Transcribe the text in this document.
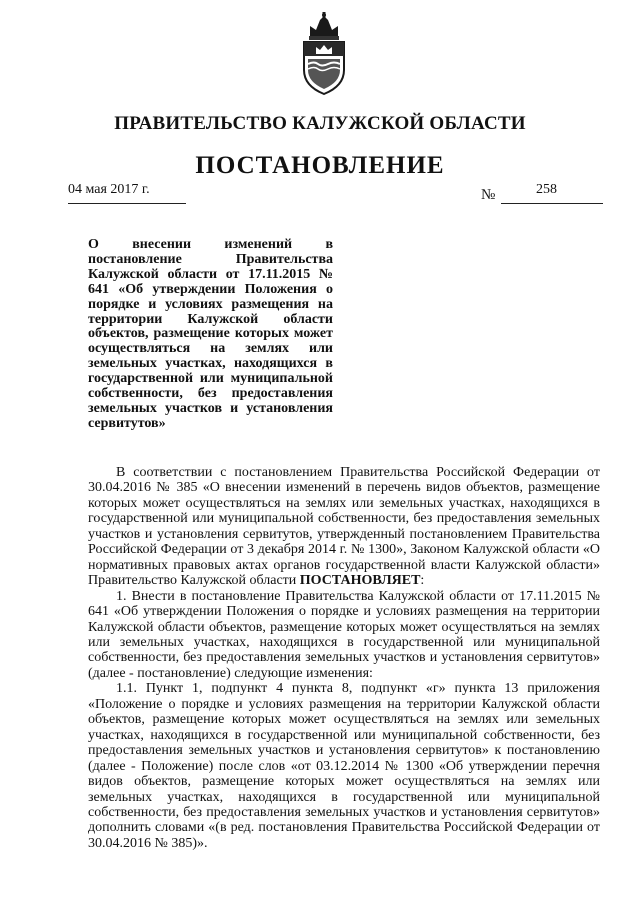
ПРАВИТЕЛЬСТВО КАЛУЖСКОЙ ОБЛАСТИ
ПОСТАНОВЛЕНИЕ
04 мая 2017 г.	№	258
О внесении изменений в постановление Правительства Калужской области от 17.11.2015 № 641 «Об утверждении Положения о порядке и условиях размещения на территории Калужской области объектов, размещение которых может осуществляться на землях или земельных участках, находящихся в государственной или муниципальной собственности, без предоставления земельных участков и установления сервитутов»

В соответствии с постановлением Правительства Российской Федерации от 30.04.2016 № 385 «О внесении изменений в перечень видов объектов, размещение которых может осуществляться на землях или земельных участках, находящихся в государственной или муниципальной собственности, без предоставления земельных участков и установления сервитутов, утвержденный постановлением Правительства Российской Федерации от 3 декабря 2014 г. № 1300», Законом Калужской области «О нормативных правовых актах органов государственной власти Калужской области» Правительство Калужской области ПОСТАНОВЛЯЕТ:

1. Внести в постановление Правительства Калужской области от 17.11.2015 № 641 «Об утверждении Положения о порядке и условиях размещения на территории Калужской области объектов, размещение которых может осуществляться на землях или земельных участках, находящихся в государственной или муниципальной собственности, без предоставления земельных участков и установления сервитутов» (далее - постановление) следующие изменения:

1.1. Пункт 1, подпункт 4 пункта 8, подпункт «г» пункта 13 приложения «Положение о порядке и условиях размещения на территории Калужской области объектов, размещение которых может осуществляться на землях или земельных участках, находящихся в государственной или муниципальной собственности, без предоставления земельных участков и установления сервитутов» к постановлению (далее - Положение) после слов «от 03.12.2014 № 1300 «Об утверждении перечня видов объектов, размещение которых может осуществляться на землях или земельных участках, находящихся в государственной или муниципальной собственности, без предоставления земельных участков и установления сервитутов» дополнить словами «(в ред. постановления Правительства Российской Федерации от 30.04.2016 № 385)».
